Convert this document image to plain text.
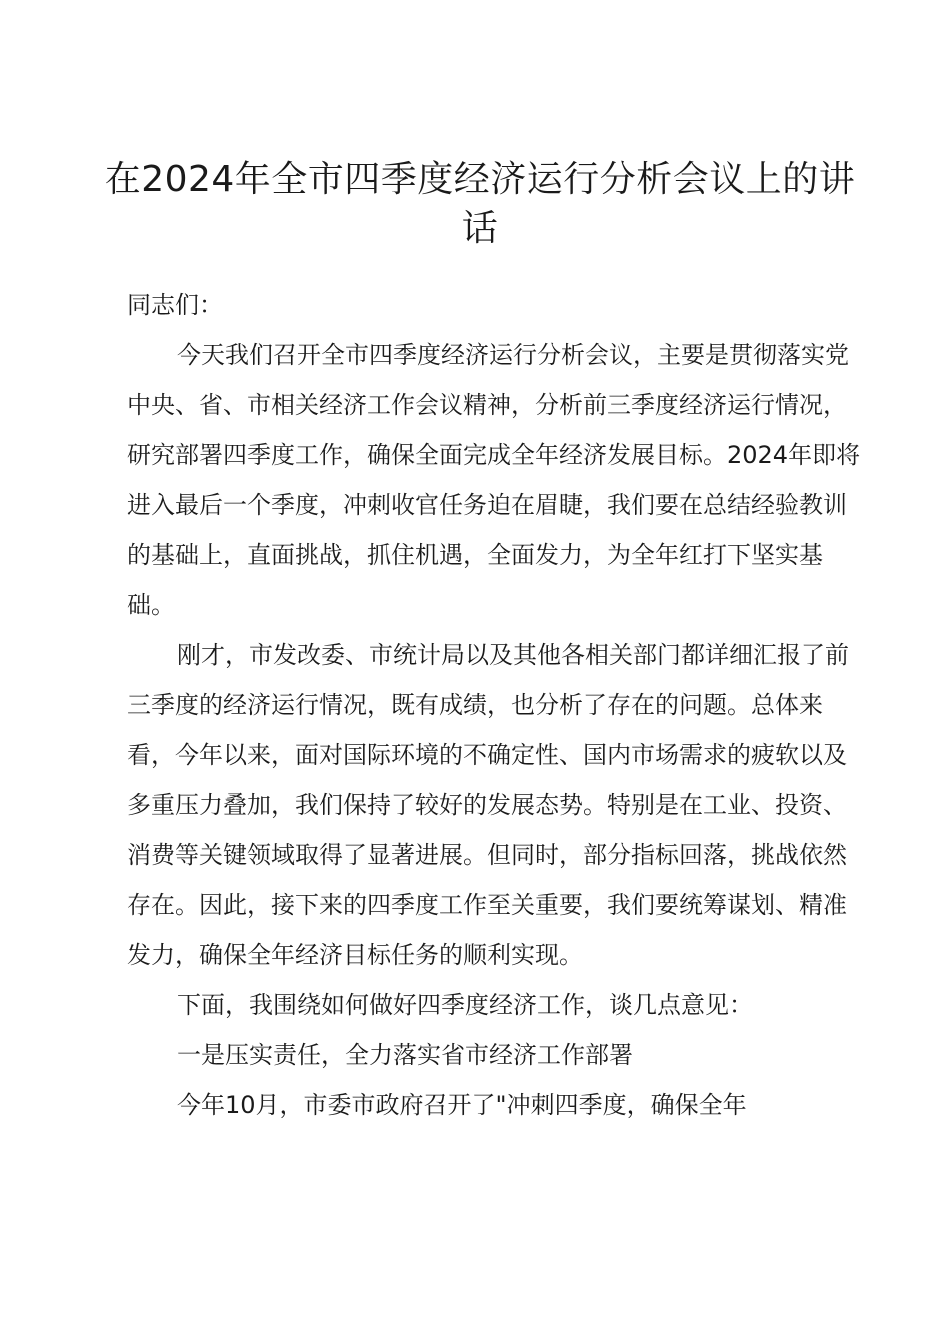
在2024年全市四季度经济运行分析会议上的讲话

同志们：

今天我们召开全市四季度经济运行分析会议，主要是贯彻落实党中央、省、市相关经济工作会议精神，分析前三季度经济运行情况，研究部署四季度工作，确保全面完成全年经济发展目标。2024年即将进入最后一个季度，冲刺收官任务迫在眉睫，我们要在总结经验教训的基础上，直面挑战，抓住机遇，全面发力，为全年红打下坚实基础。

刚才，市发改委、市统计局以及其他各相关部门都详细汇报了前三季度的经济运行情况，既有成绩，也分析了存在的问题。总体来看，今年以来，面对国际环境的不确定性、国内市场需求的疲软以及多重压力叠加，我们保持了较好的发展态势。特别是在工业、投资、消费等关键领域取得了显著进展。但同时，部分指标回落，挑战依然存在。因此，接下来的四季度工作至关重要，我们要统筹谋划、精准发力，确保全年经济目标任务的顺利实现。

下面，我围绕如何做好四季度经济工作，谈几点意见：

一是压实责任，全力落实省市经济工作部署

今年10月，市委市政府召开了"冲刺四季度，确保全年
